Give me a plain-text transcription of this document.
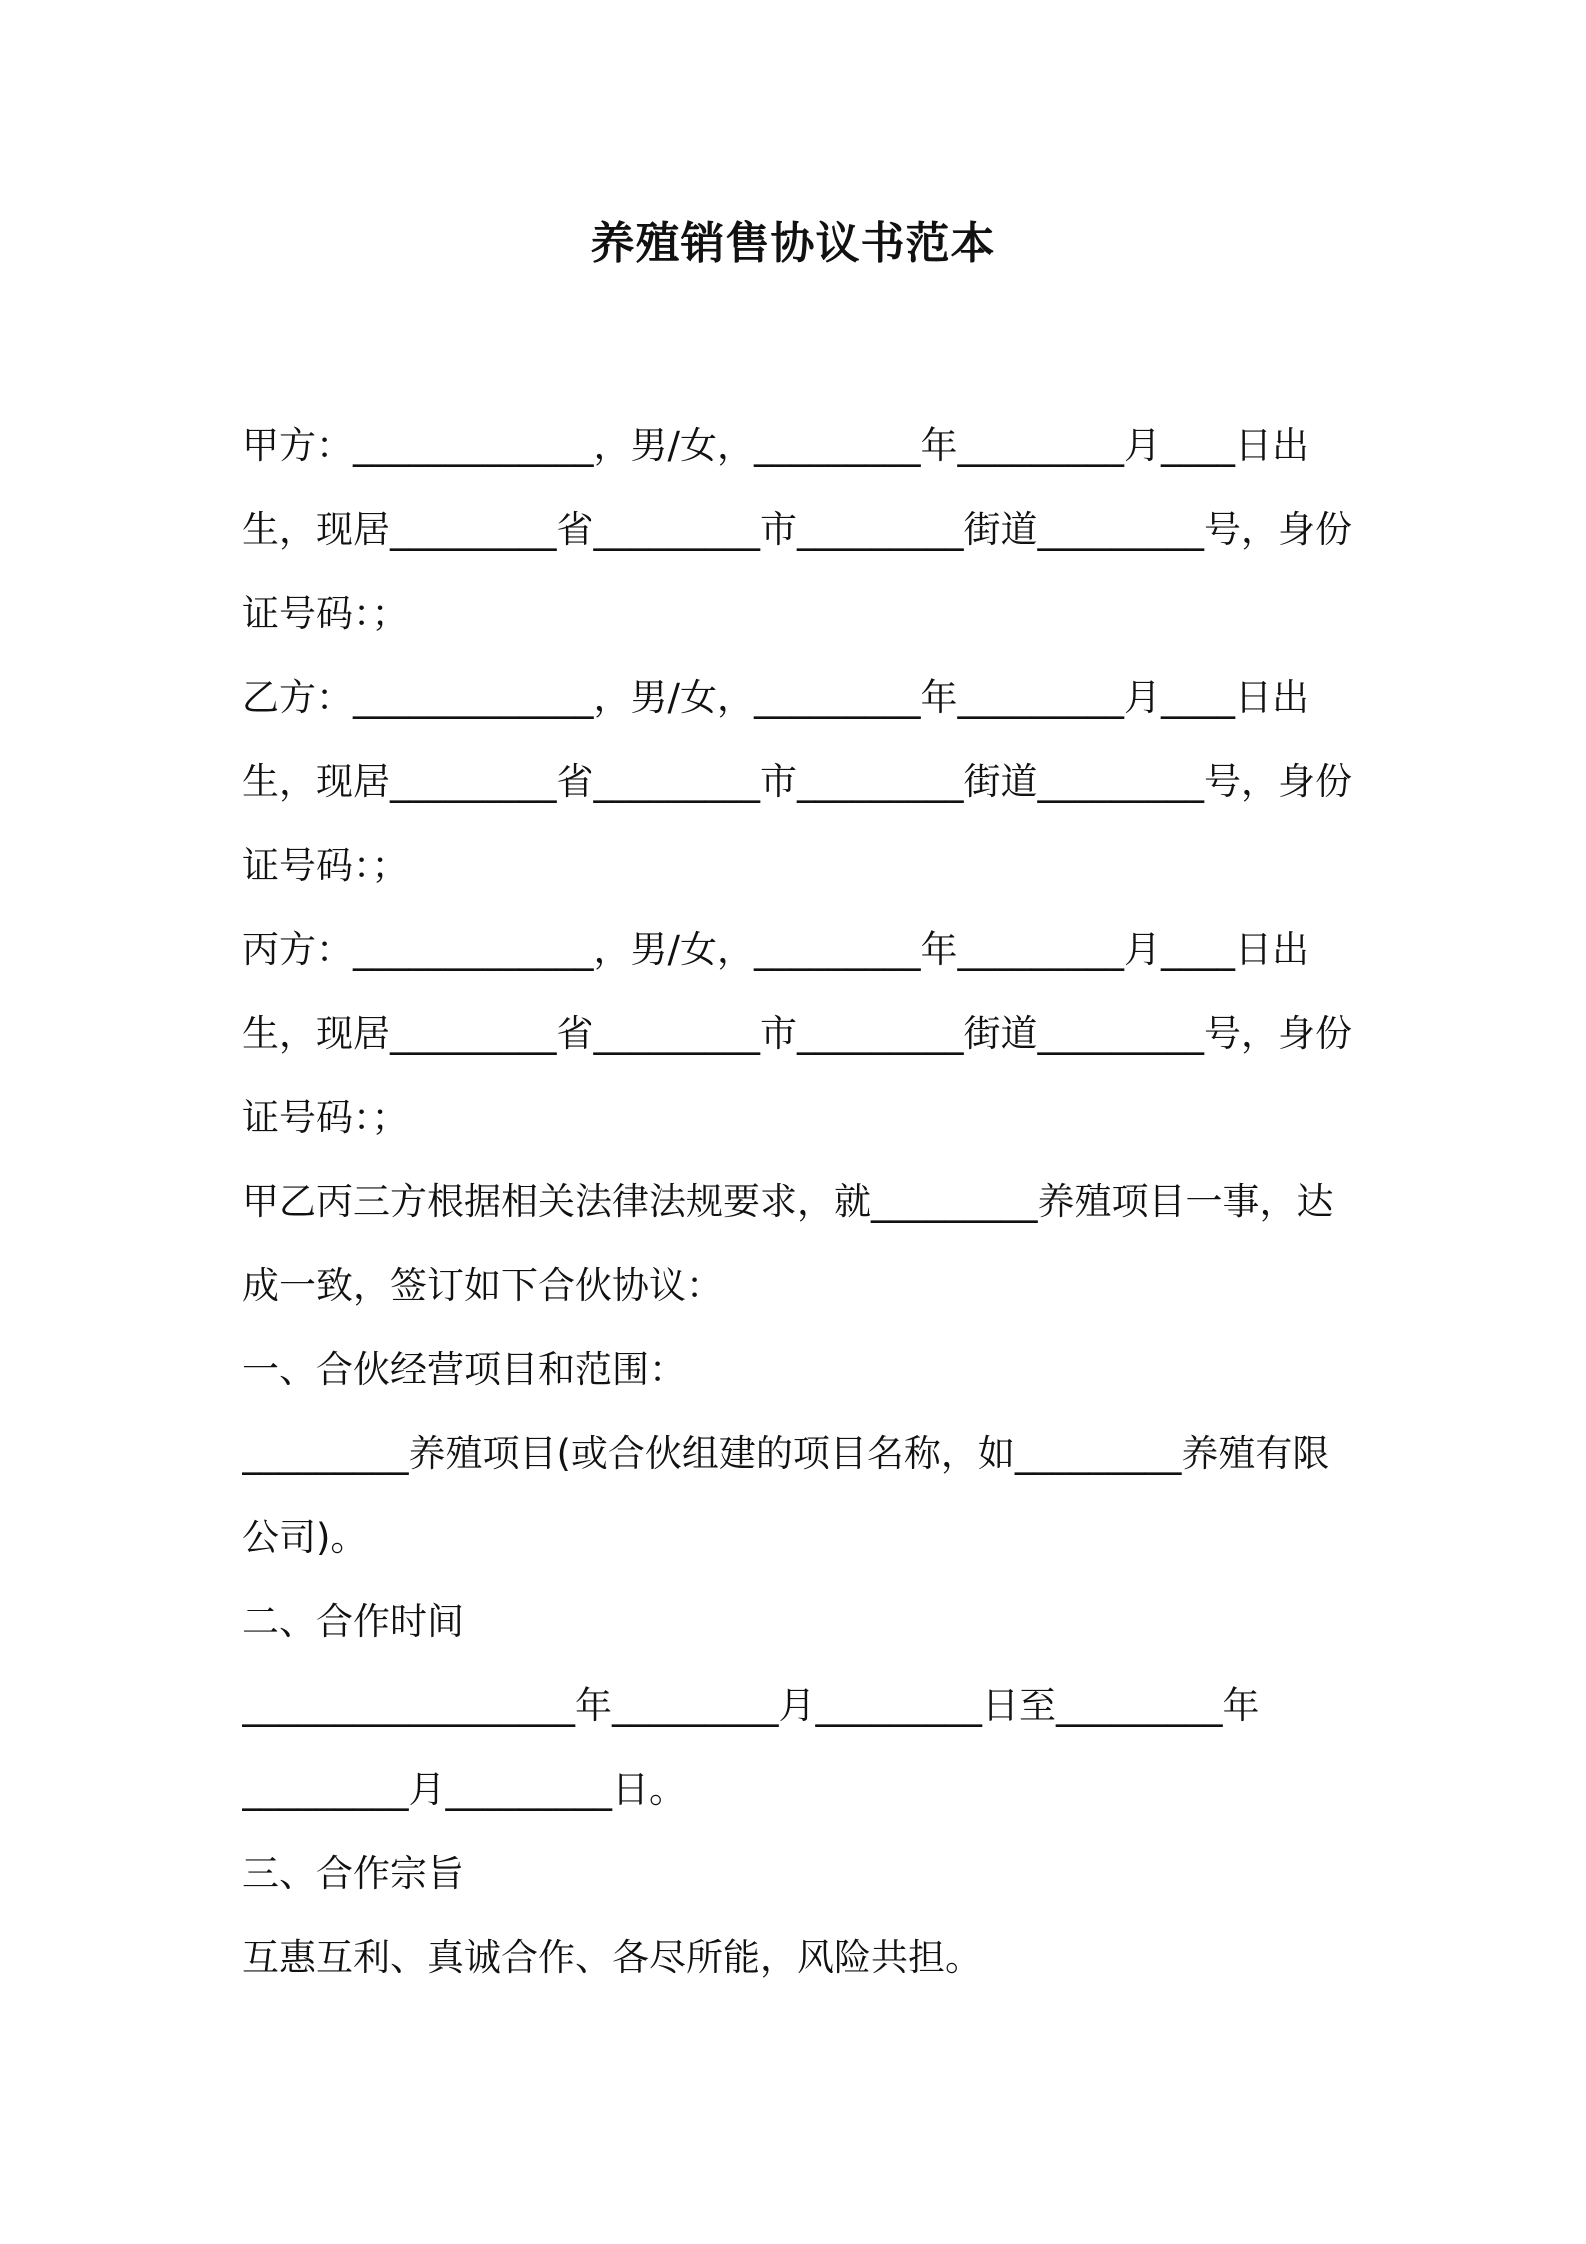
养殖销售协议书范本
甲方：_____________，男/女，_________年_________月____日出
生，现居_________省_________市_________街道_________号，身份
证号码：；
乙方：_____________，男/女，_________年_________月____日出
生，现居_________省_________市_________街道_________号，身份
证号码：；
丙方：_____________，男/女，_________年_________月____日出
生，现居_________省_________市_________街道_________号，身份
证号码：；
甲乙丙三方根据相关法律法规要求，就_________养殖项目一事，达
成一致，签订如下合伙协议：
一、合伙经营项目和范围：
_________养殖项目(或合伙组建的项目名称，如_________养殖有限
公司)。
二、合作时间
__________________年_________月_________日至_________年
_________月_________日。
三、合作宗旨
互惠互利、真诚合作、各尽所能，风险共担。
